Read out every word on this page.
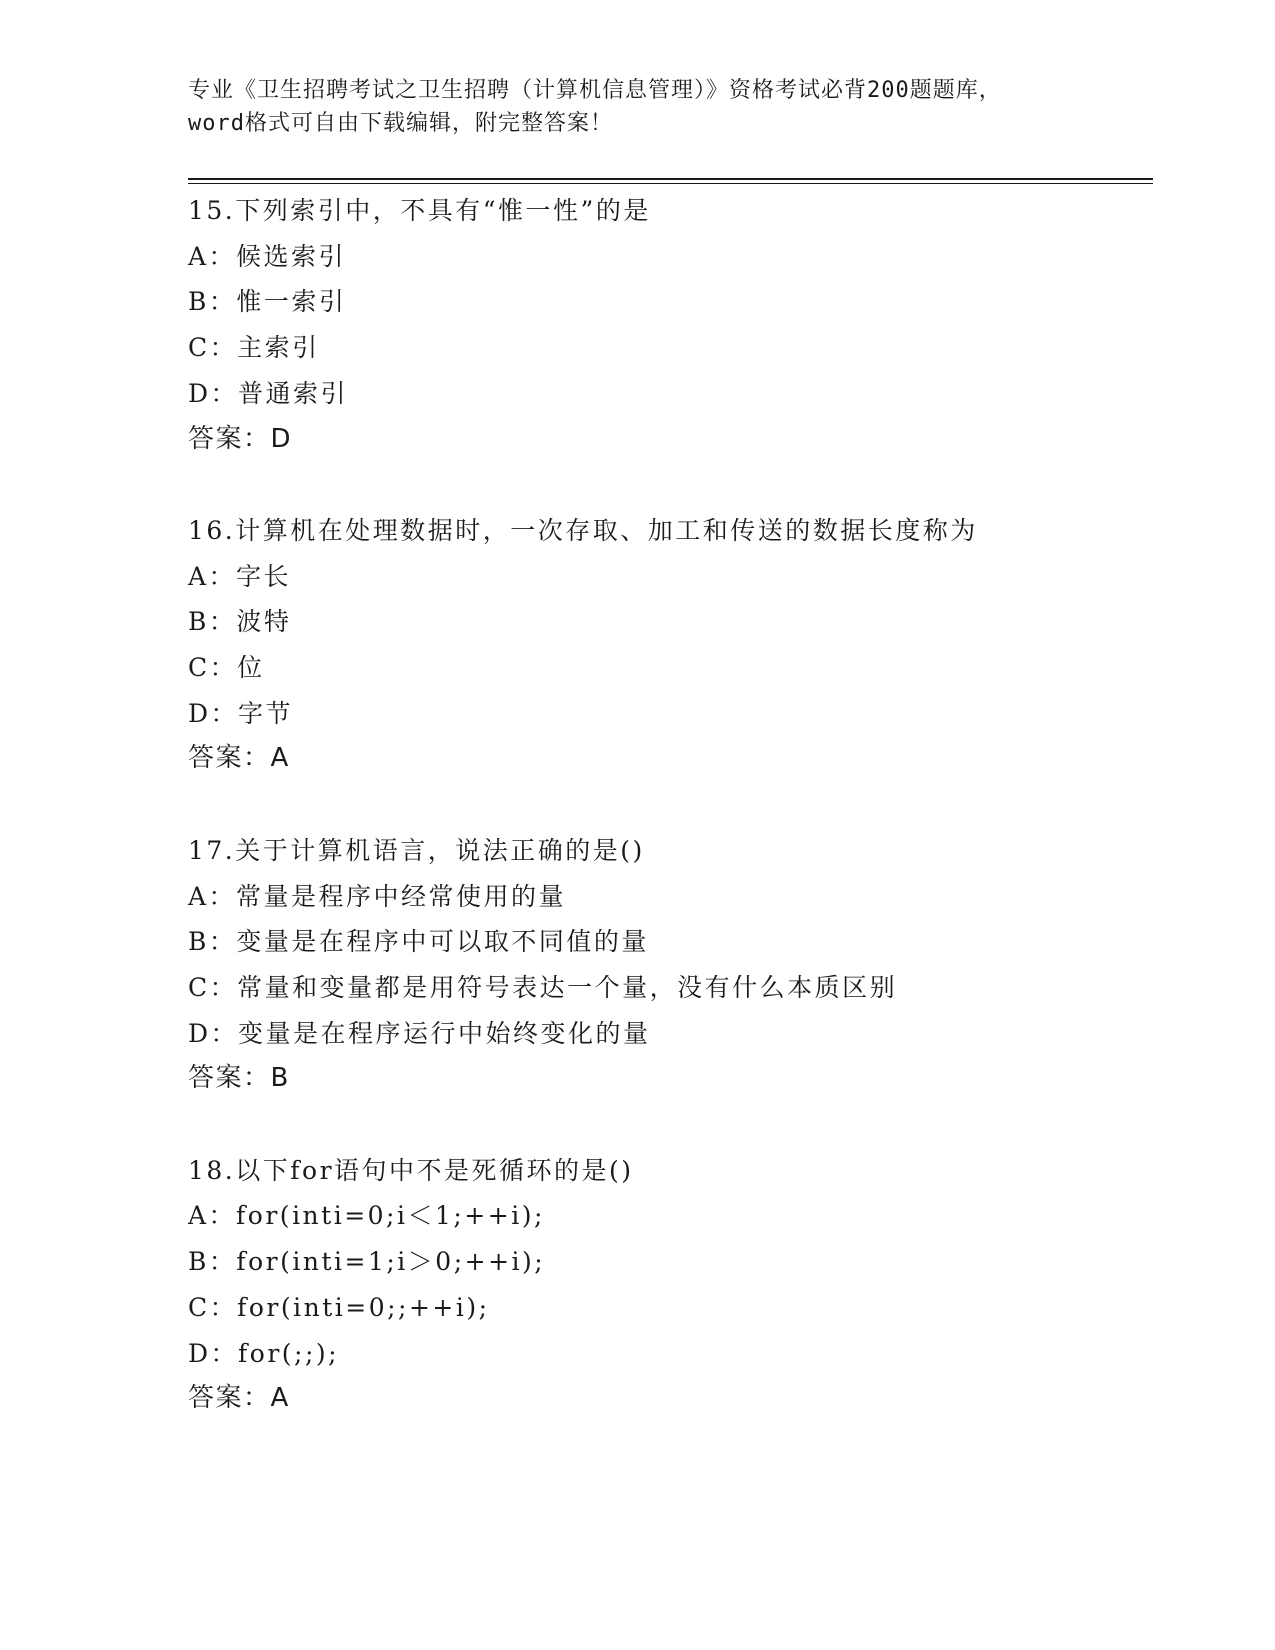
专业《卫生招聘考试之卫生招聘（计算机信息管理）》资格考试必背200题题库，
word格式可自由下载编辑，附完整答案！
15.下列索引中，不具有“惟一性”的是
A：候选索引
B：惟一索引
C：主索引
D：普通索引
答案：D
16.计算机在处理数据时，一次存取、加工和传送的数据长度称为
A：字长
B：波特
C：位
D：字节
答案：A
17.关于计算机语言，说法正确的是()
A：常量是程序中经常使用的量
B：变量是在程序中可以取不同值的量
C：常量和变量都是用符号表达一个量，没有什么本质区别
D：变量是在程序运行中始终变化的量
答案：B
18.以下for语句中不是死循环的是()
A：for(inti=0;i＜1;++i);
B：for(inti=1;i＞0;++i);
C：for(inti=0;;++i);
D：for(;;);
答案：A
